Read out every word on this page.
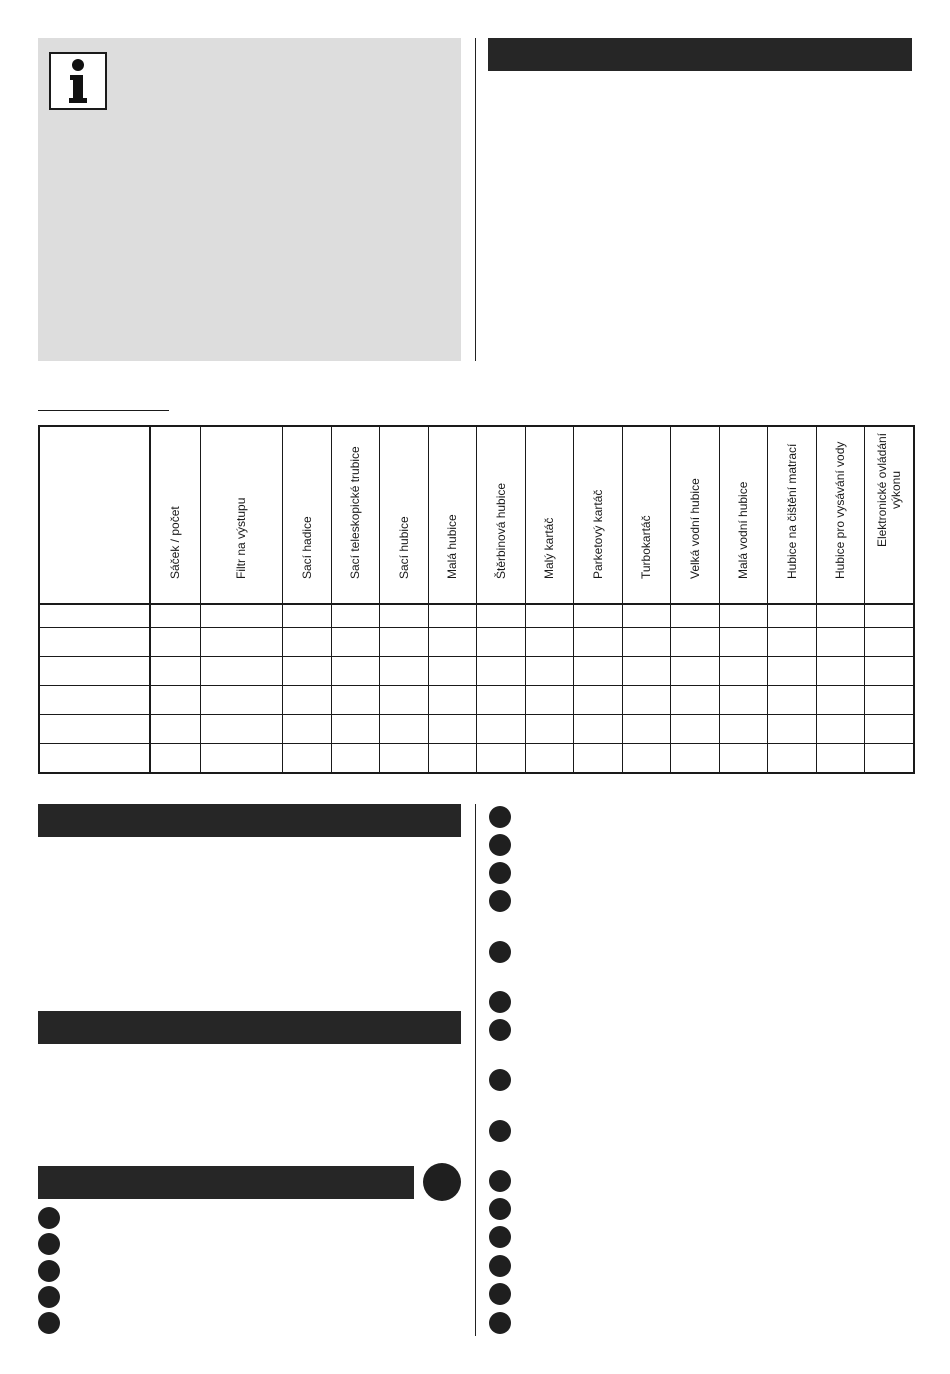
	Sáček / počet	Filtr na výstupu	Sací hadice	Sací teleskopické trubice	Sací hubice	Malá hubice	Štěrbinová hubice	Malý kartáč	Parketový kartáč	Turbokartáč	Velká vodní hubice	Malá vodní hubice	Hubice na čištění matrací	Hubice pro vysávání vody	Elektronické ovládání výkonu
